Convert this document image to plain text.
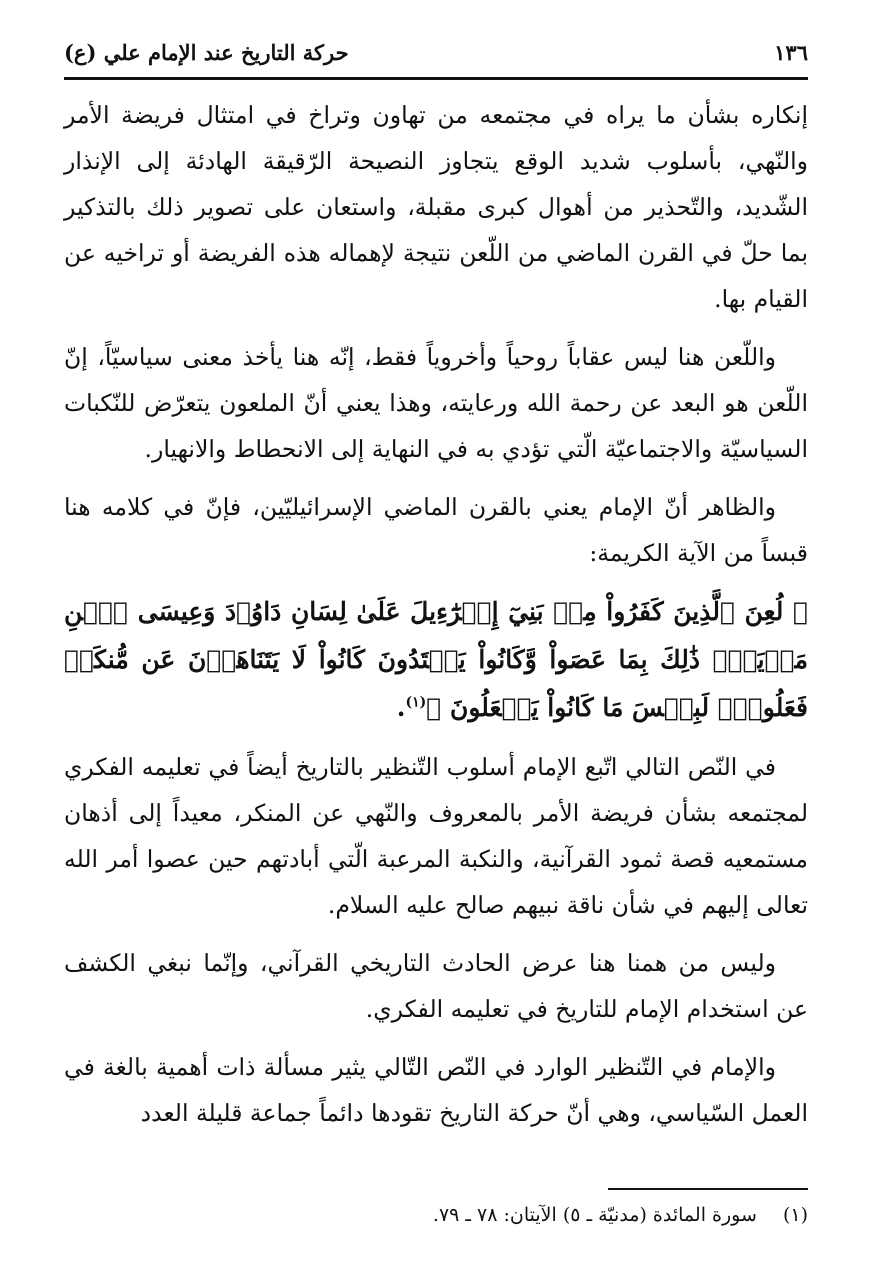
١٣٦
حركة التاريخ عند الإمام علي (ع)

إنكاره بشأن ما يراه في مجتمعه من تهاون وتراخ في امتثال فريضة الأمر والنّهي، بأسلوب شديد الوقع يتجاوز النصيحة الرّقيقة الهادئة إلى الإنذار الشّديد، والتّحذير من أهوال كبرى مقبلة، واستعان على تصوير ذلك بالتذكير بما حلّ في القرن الماضي من اللّعن نتيجة لإهماله هذه الفريضة أو تراخيه عن القيام بها.

واللّعن هنا ليس عقاباً روحياً وأخروياً فقط، إنّه هنا يأخذ معنى سياسيّاً، إنّ اللّعن هو البعد عن رحمة الله ورعايته، وهذا يعني أنّ الملعون يتعرّض للنّكبات السياسيّة والاجتماعيّة الّتي تؤدي به في النهاية إلى الانحطاط والانهيار.

والظاهر أنّ الإمام يعني بالقرن الماضي الإسرائيليّين، فإنّ في كلامه هنا قبساً من الآية الكريمة:

﴿ لُعِنَ ٱلَّذِينَ كَفَرُواْ مِنۢ بَنِيٓ إِسۡرَٰٓءِيلَ عَلَىٰ لِسَانِ دَاوُۥدَ وَعِيسَى ٱبۡنِ مَرۡيَمَۚ ذَٰلِكَ بِمَا عَصَواْ وَّكَانُواْ يَعۡتَدُونَ كَانُواْ لَا يَتَنَاهَوۡنَ عَن مُّنكَرٖ فَعَلُوهُۚ لَبِئۡسَ مَا كَانُواْ يَفۡعَلُونَ ﴾$^{(١)}$.

في النّص التالي اتّبع الإمام أسلوب التّنظير بالتاريخ أيضاً في تعليمه الفكري لمجتمعه بشأن فريضة الأمر بالمعروف والنّهي عن المنكر، معيداً إلى أذهان مستمعيه قصة ثمود القرآنية، والنكبة المرعبة الّتي أبادتهم حين عصوا أمر الله تعالى إليهم في شأن ناقة نبيهم صالح عليه السلام.

وليس من همنا هنا عرض الحادث التاريخي القرآني، وإنّما نبغي الكشف عن استخدام الإمام للتاريخ في تعليمه الفكري.

والإمام في التّنظير الوارد في النّص التّالي يثير مسألة ذات أهمية بالغة في العمل السّياسي، وهي أنّ حركة التاريخ تقودها دائماً جماعة قليلة العدد

(١) سورة المائدة (مدنيّة ـ ٥) الآيتان: ٧٨ ـ ٧٩.
